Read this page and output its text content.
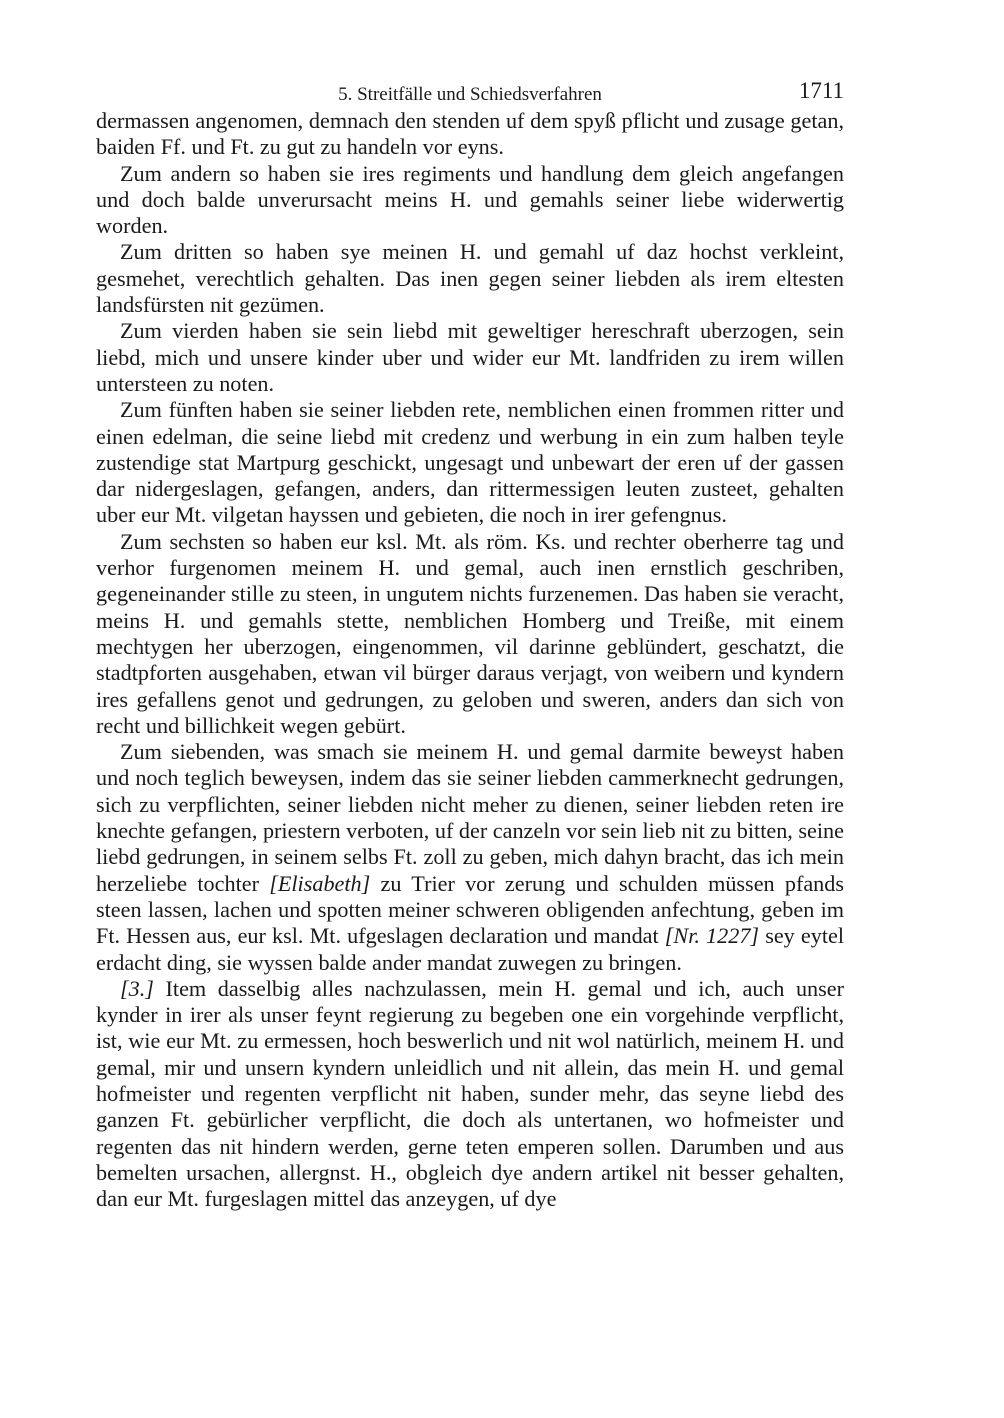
5. Streitfälle und Schiedsverfahren	1711

dermassen angenomen, demnach den stenden uf dem spyß pflicht und zusage getan, baiden Ff. und Ft. zu gut zu handeln vor eyns.

Zum andern so haben sie ires regiments und handlung dem gleich angefangen und doch balde unverursacht meins H. und gemahls seiner liebe widerwertig worden.

Zum dritten so haben sye meinen H. und gemahl uf daz hochst verkleint, gesmehet, verechtlich gehalten. Das inen gegen seiner liebden als irem eltesten landsfürsten nit gezümen.

Zum vierden haben sie sein liebd mit geweltiger hereschraft uberzogen, sein liebd, mich und unsere kinder uber und wider eur Mt. landfriden zu irem willen untersteen zu noten.

Zum fünften haben sie seiner liebden rete, nemblichen einen frommen ritter und einen edelman, die seine liebd mit credenz und werbung in ein zum halben teyle zustendige stat Martpurg geschickt, ungesagt und unbewart der eren uf der gassen dar nidergeslagen, gefangen, anders, dan rittermessigen leuten zusteet, gehalten uber eur Mt. vilgetan hayssen und gebieten, die noch in irer gefengnus.

Zum sechsten so haben eur ksl. Mt. als röm. Ks. und rechter oberherre tag und verhor furgenomen meinem H. und gemal, auch inen ernstlich geschriben, gegeneinander stille zu steen, in ungutem nichts furzenemen. Das haben sie veracht, meins H. und gemahls stette, nemblichen Homberg und Treiße, mit einem mechtygen her uberzogen, eingenommen, vil darinne geblündert, geschatzt, die stadtpforten ausgehaben, etwan vil bürger daraus verjagt, von weibern und kyndern ires gefallens genot und gedrungen, zu geloben und sweren, anders dan sich von recht und billichkeit wegen gebürt.

Zum siebenden, was smach sie meinem H. und gemal darmite beweyst haben und noch teglich beweysen, indem das sie seiner liebden cammerknecht gedrungen, sich zu verpflichten, seiner liebden nicht meher zu dienen, seiner liebden reten ire knechte gefangen, priestern verboten, uf der canzeln vor sein lieb nit zu bitten, seine liebd gedrungen, in seinem selbs Ft. zoll zu geben, mich dahyn bracht, das ich mein herzeliebe tochter [Elisabeth] zu Trier vor zerung und schulden müssen pfands steen lassen, lachen und spotten meiner schweren obligenden anfechtung, geben im Ft. Hessen aus, eur ksl. Mt. ufgeslagen declaration und mandat [Nr. 1227] sey eytel erdacht ding, sie wyssen balde ander mandat zuwegen zu bringen.

[3.] Item dasselbig alles nachzulassen, mein H. gemal und ich, auch unser kynder in irer als unser feynt regierung zu begeben one ein vorgehinde verpflicht, ist, wie eur Mt. zu ermessen, hoch beswerlich und nit wol natürlich, meinem H. und gemal, mir und unsern kyndern unleidlich und nit allein, das mein H. und gemal hofmeister und regenten verpflicht nit haben, sunder mehr, das seyne liebd des ganzen Ft. gebürlicher verpflicht, die doch als untertanen, wo hofmeister und regenten das nit hindern werden, gerne teten emperen sollen. Darumben und aus bemelten ursachen, allergnst. H., obgleich dye andern artikel nit besser gehalten, dan eur Mt. furgeslagen mittel das anzeygen, uf dye
